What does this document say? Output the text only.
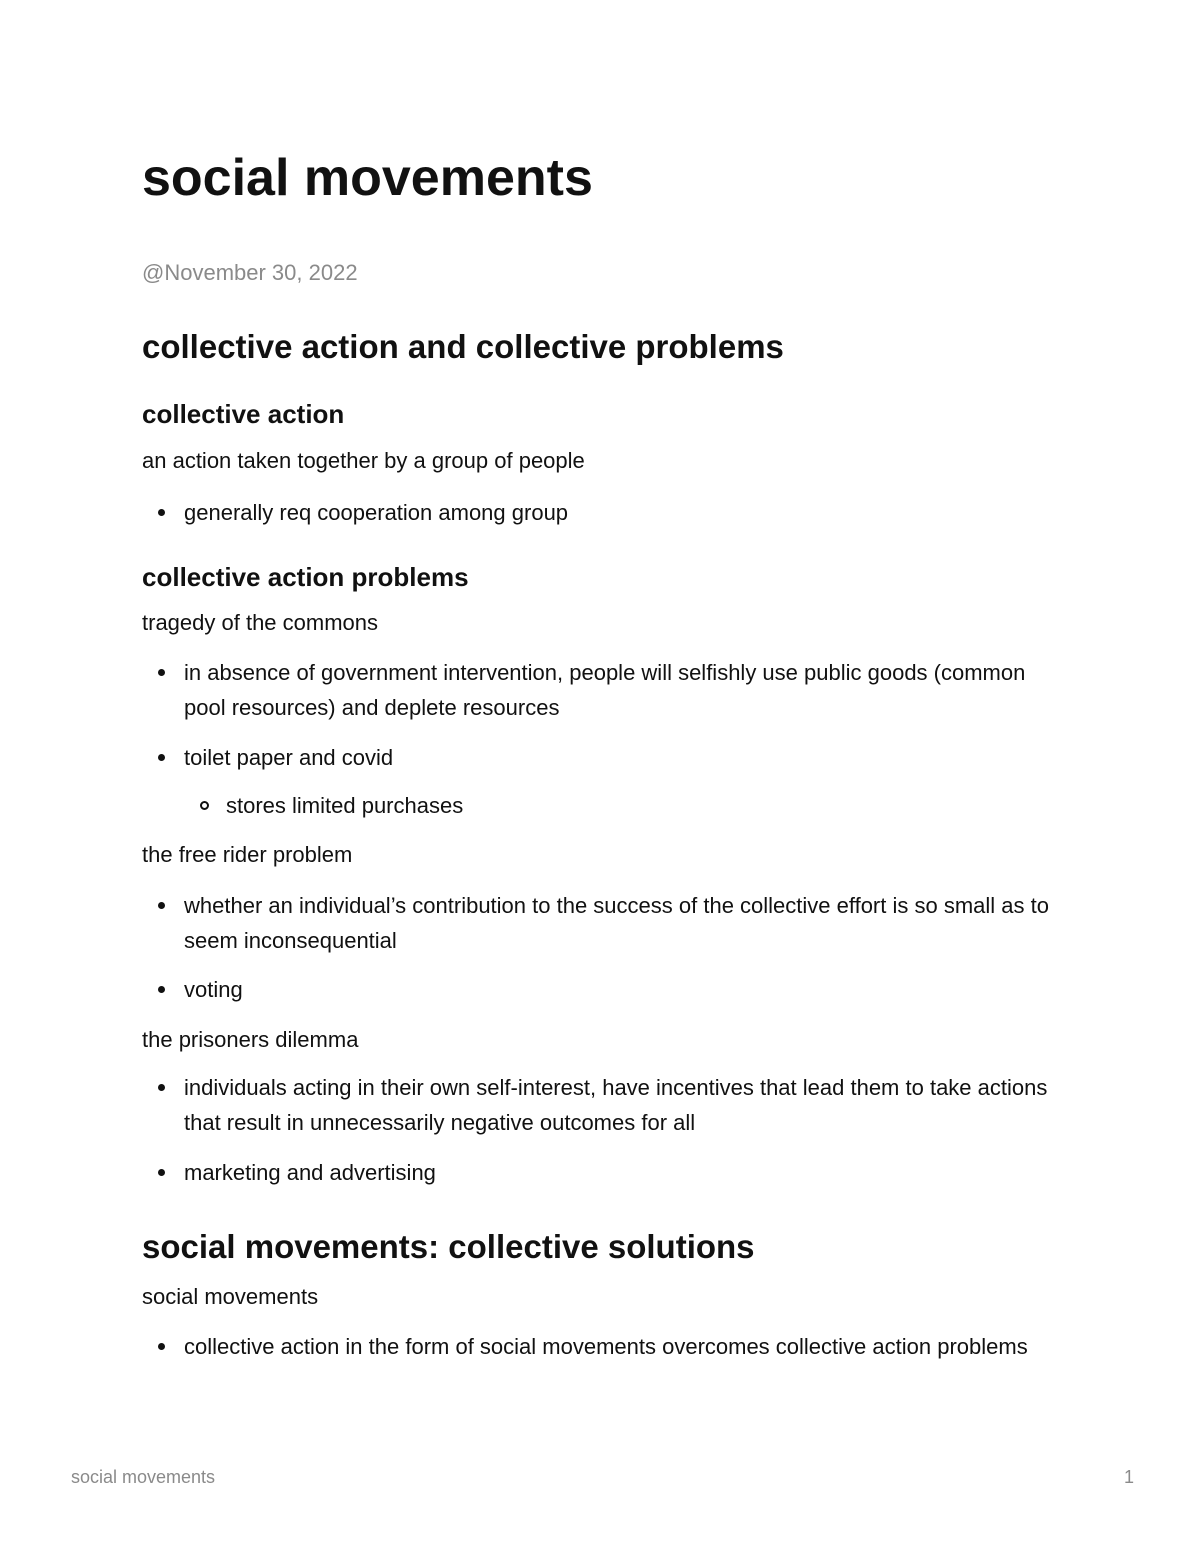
social movements
@November 30, 2022
collective action and collective problems
collective action
an action taken together by a group of people
generally req cooperation among group
collective action problems
tragedy of the commons
in absence of government intervention, people will selfishly use public goods (common pool resources) and deplete resources
toilet paper and covid
stores limited purchases
the free rider problem
whether an individual’s contribution to the success of the collective effort is so small as to seem inconsequential
voting
the prisoners dilemma
individuals acting in their own self-interest, have incentives that lead them to take actions that result in unnecessarily negative outcomes for all
marketing and advertising
social movements: collective solutions
social movements
collective action in the form of social movements overcomes collective action problems
social movements	1
